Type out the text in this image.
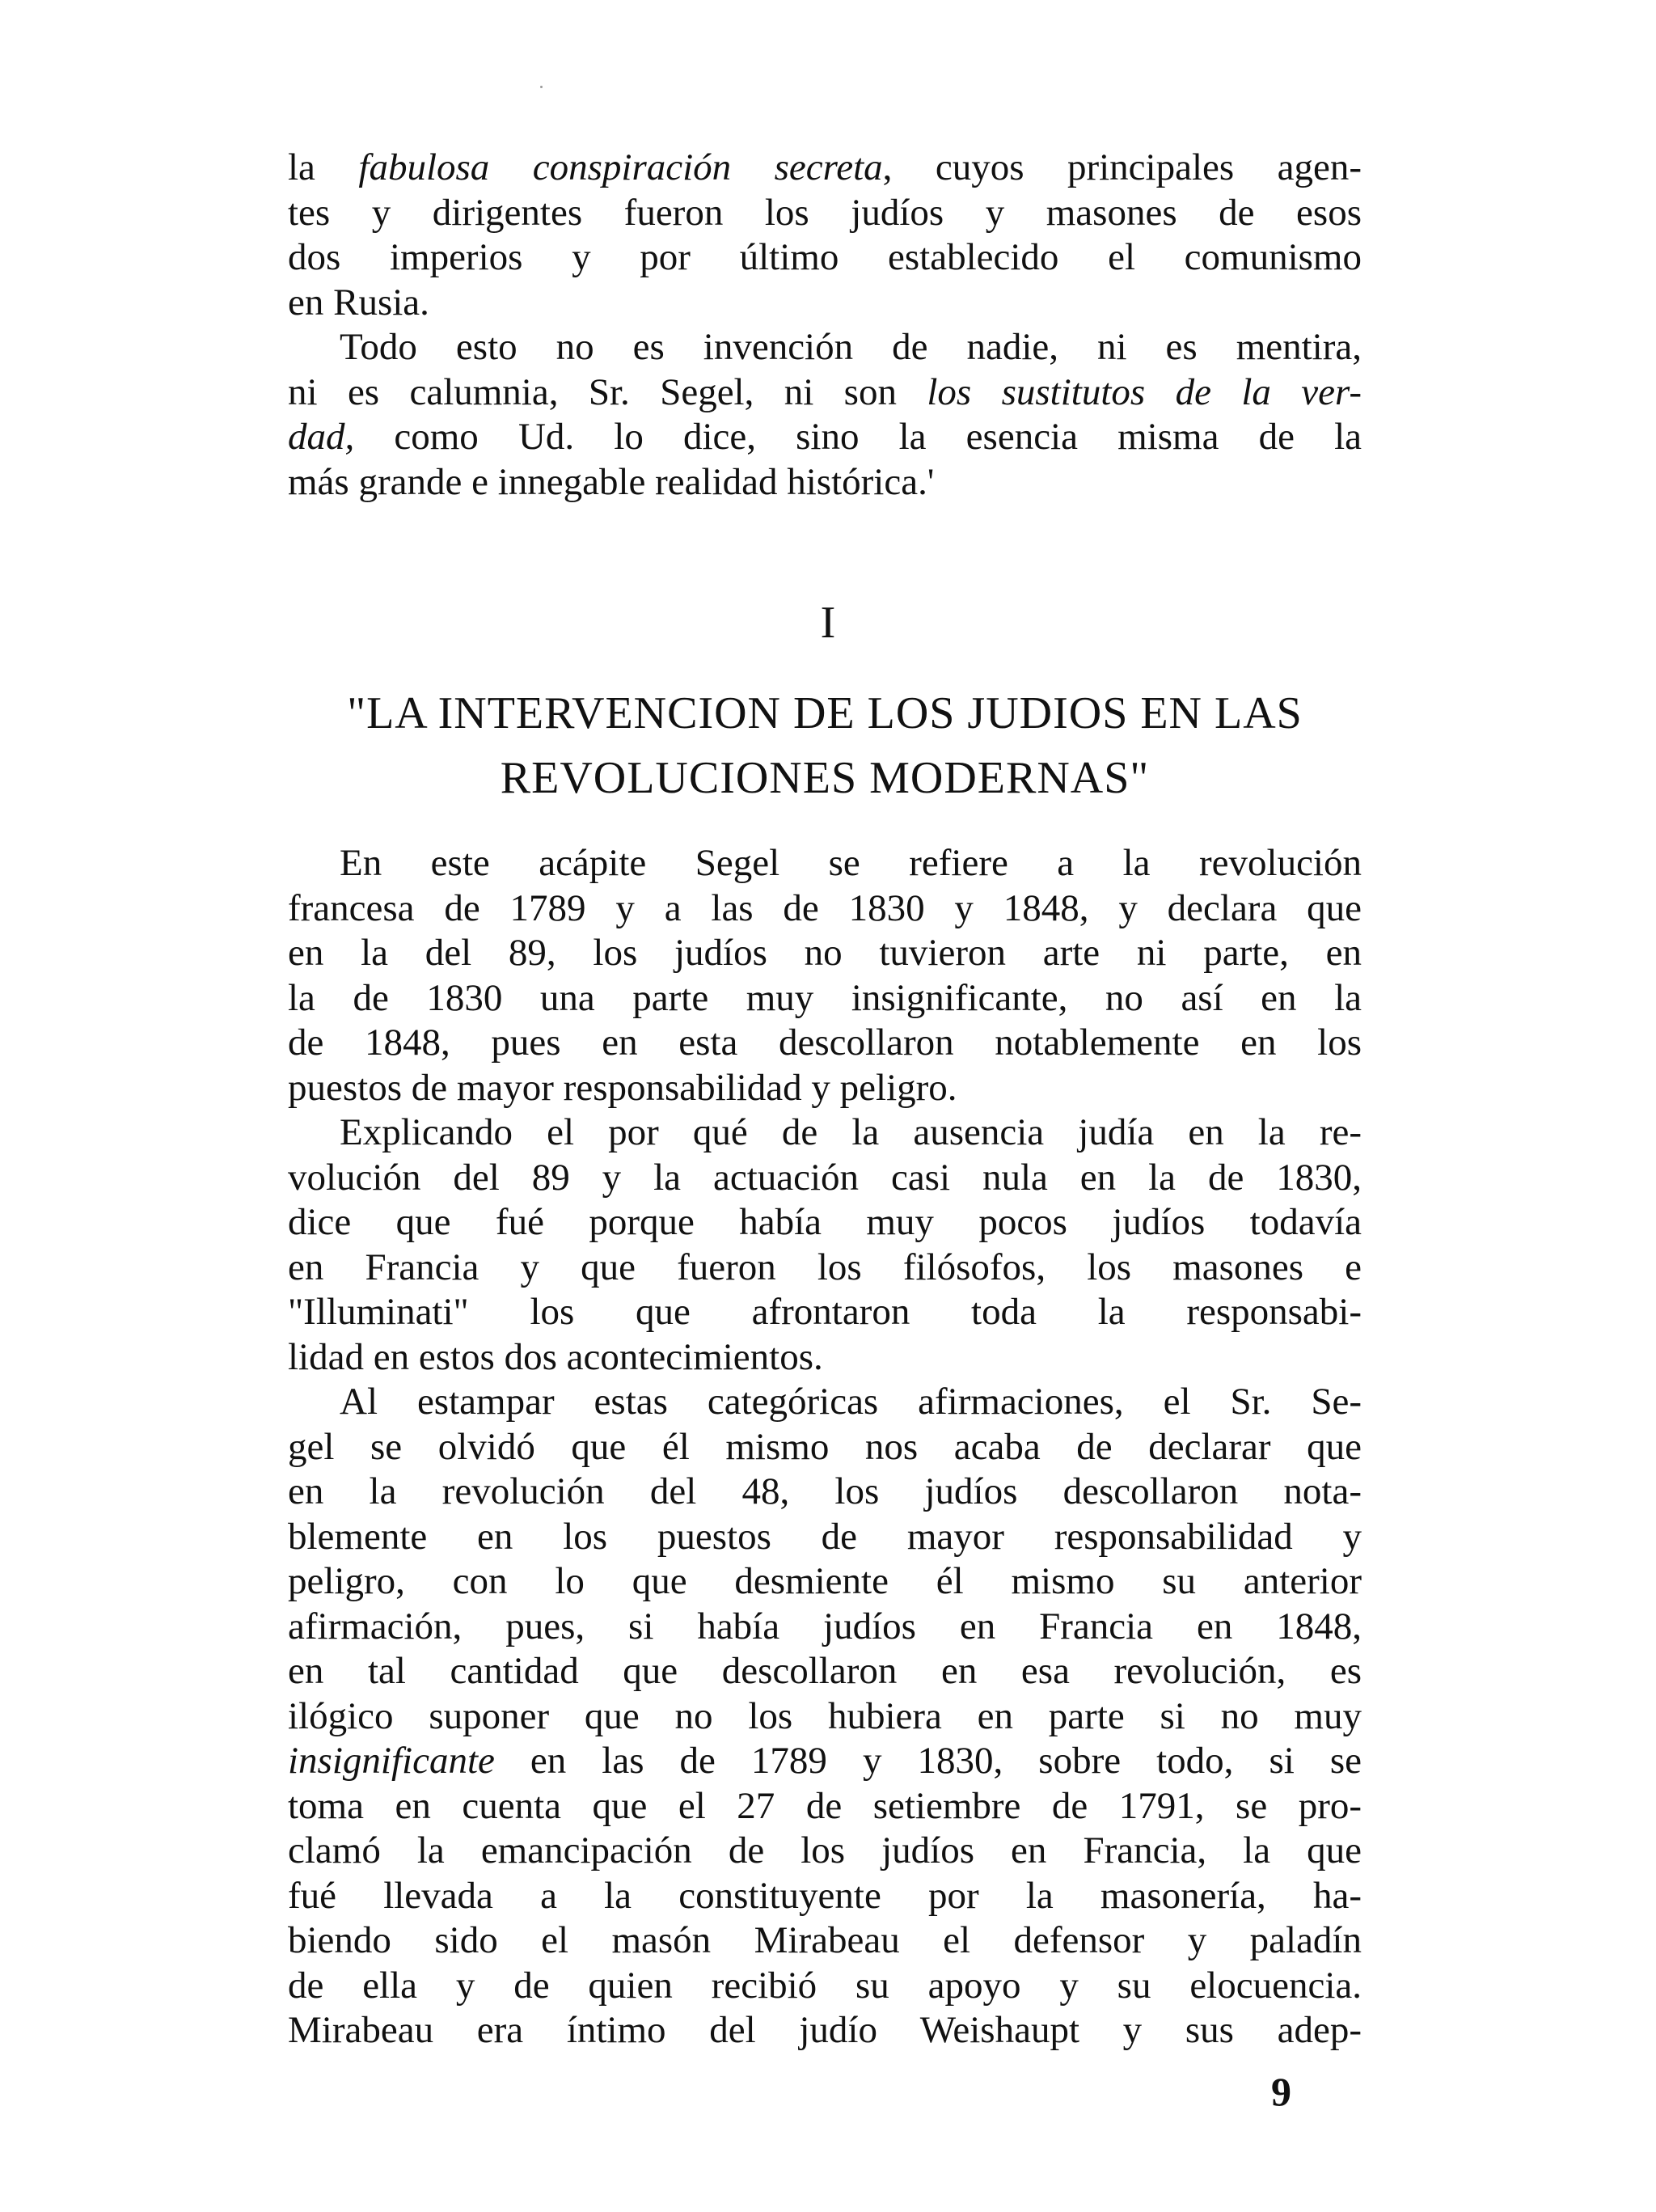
la fabulosa conspiración secreta, cuyos principales agen-
tes y dirigentes fueron los judíos y masones de esos
dos imperios y por último establecido el comunismo
en Rusia.
Todo esto no es invención de nadie, ni es mentira,
ni es calumnia, Sr. Segel, ni son los sustitutos de la ver-
dad, como Ud. lo dice, sino la esencia misma de la
más grande e innegable realidad histórica.'
I
"LA INTERVENCION DE LOS JUDIOS EN LAS
REVOLUCIONES MODERNAS"
En este acápite Segel se refiere a la revolución
francesa de 1789 y a las de 1830 y 1848, y declara que
en la del 89, los judíos no tuvieron arte ni parte, en
la de 1830 una parte muy insignificante, no así en la
de 1848, pues en esta descollaron notablemente en los
puestos de mayor responsabilidad y peligro.
Explicando el por qué de la ausencia judía en la re-
volución del 89 y la actuación casi nula en la de 1830,
dice que fué porque había muy pocos judíos todavía
en Francia y que fueron los filósofos, los masones e
"Illuminati" los que afrontaron toda la responsabi-
lidad en estos dos acontecimientos.
Al estampar estas categóricas afirmaciones, el Sr. Se-
gel se olvidó que él mismo nos acaba de declarar que
en la revolución del 48, los judíos descollaron nota-
blemente en los puestos de mayor responsabilidad y
peligro, con lo que desmiente él mismo su anterior
afirmación, pues, si había judíos en Francia en 1848,
en tal cantidad que descollaron en esa revolución, es
ilógico suponer que no los hubiera en parte si no muy
insignificante en las de 1789 y 1830, sobre todo, si se
toma en cuenta que el 27 de setiembre de 1791, se pro-
clamó la emancipación de los judíos en Francia, la que
fué llevada a la constituyente por la masonería, ha-
biendo sido el masón Mirabeau el defensor y paladín
de ella y de quien recibió su apoyo y su elocuencia.
Mirabeau era íntimo del judío Weishaupt y sus adep-
9
